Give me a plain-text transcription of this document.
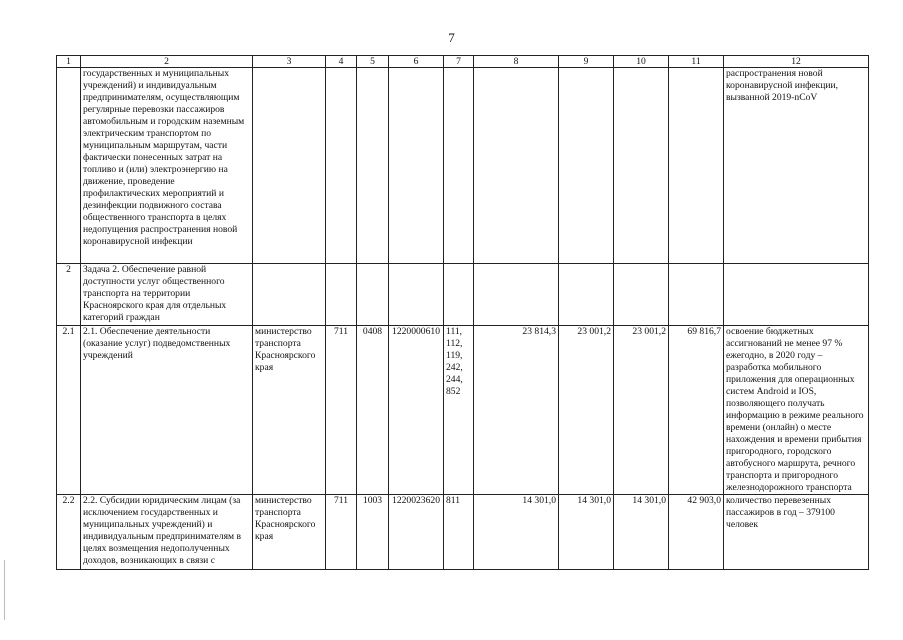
7
1	2	3	4	5	6	7	8	9	10	11	12
	государственных и муниципальных учреждений) и индивидуальным предпринимателям, осуществляющим регулярные перевозки пассажиров автомобильным и городским наземным электрическим транспортом по муниципальным маршрутам, части фактически понесенных затрат на топливо и (или) электроэнергию на движение, проведение профилактических мероприятий и дезинфекции подвижного состава общественного транспорта в целях недопущения распространения новой коронавирусной инфекции										распространения новой коронавирусной инфекции, вызванной 2019-nCoV
2	Задача 2. Обеспечение равной доступности услуг общественного транспорта на территории Красноярского края для отдельных категорий граждан										
2.1	2.1. Обеспечение деятельности (оказание услуг) подведомственных учреждений	министерство транспорта Красноярского края	711	0408	1220000610	111, 112, 119, 242, 244, 852	23 814,3	23 001,2	23 001,2	69 816,7	освоение бюджетных ассигнований не менее 97 % ежегодно, в 2020 году – разработка мобильного приложения для операционных систем Android и IOS, позволяющего получать информацию в режиме реального времени (онлайн) о месте нахождения и времени прибытия пригородного, городского автобусного маршрута, речного транспорта и пригородного железнодорожного транспорта
2.2	2.2. Субсидии юридическим лицам (за исключением государственных и муниципальных учреждений) и индивидуальным предпринимателям в целях возмещения недополученных доходов, возникающих в связи с	министерство транспорта Красноярского края	711	1003	1220023620	811	14 301,0	14 301,0	14 301,0	42 903,0	количество перевезенных пассажиров в год – 379100 человек
